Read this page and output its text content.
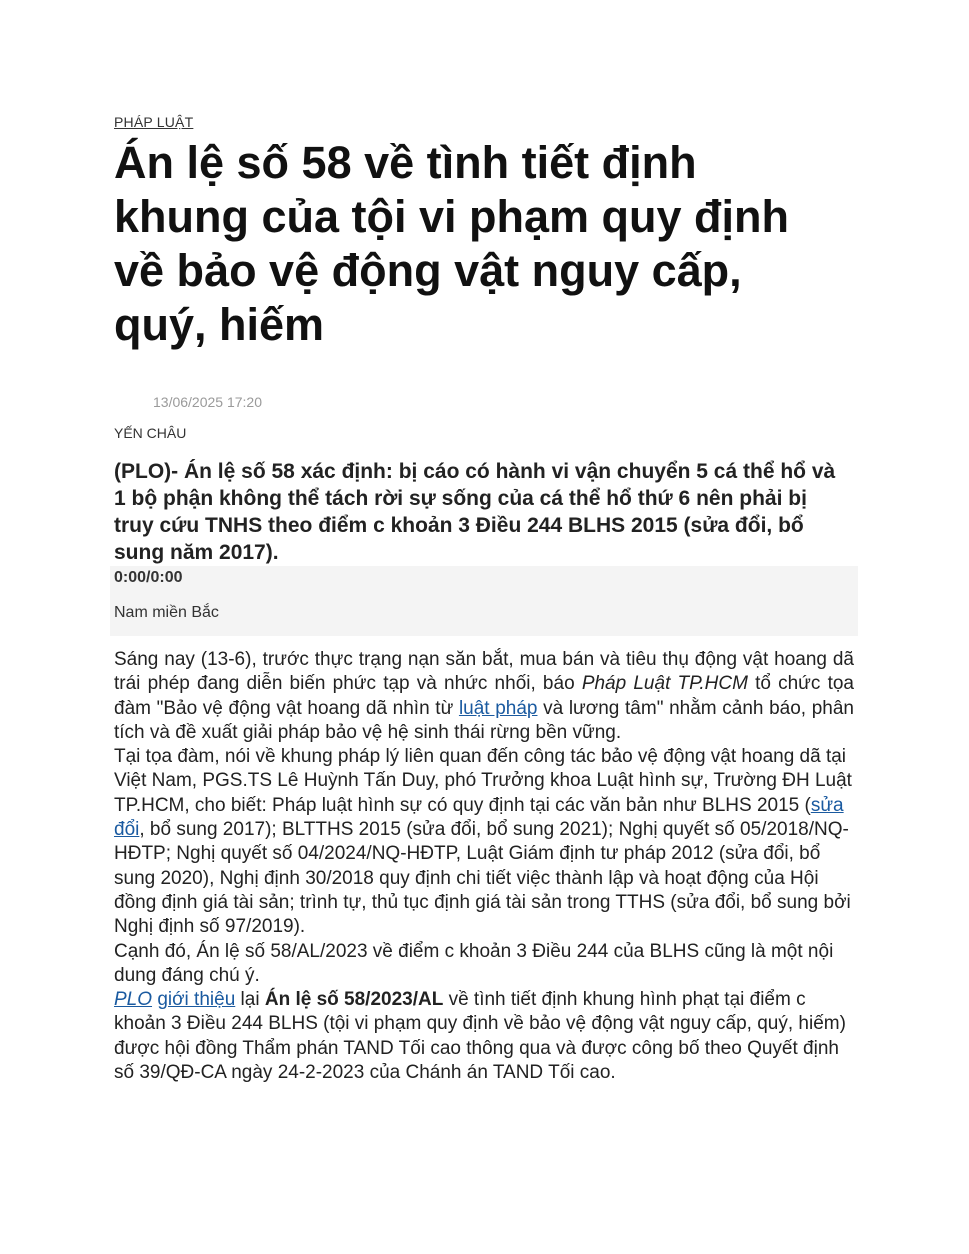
PHÁP LUẬT
Án lệ số 58 về tình tiết định khung của tội vi phạm quy định về bảo vệ động vật nguy cấp, quý, hiếm
13/06/2025 17:20
YẾN CHÂU

(PLO)- Án lệ số 58 xác định: bị cáo có hành vi vận chuyển 5 cá thể hổ và 1 bộ phận không thể tách rời sự sống của cá thể hổ thứ 6 nên phải bị truy cứu TNHS theo điểm c khoản 3 Điều 244 BLHS 2015 (sửa đổi, bổ sung năm 2017).

0:00/0:00
Nam miền Bắc

Sáng nay (13-6), trước thực trạng nạn săn bắt, mua bán và tiêu thụ động vật hoang dã trái phép đang diễn biến phức tạp và nhức nhối, báo Pháp Luật TP.HCM tổ chức tọa đàm "Bảo vệ động vật hoang dã nhìn từ luật pháp và lương tâm" nhằm cảnh báo, phân tích và đề xuất giải pháp bảo vệ hệ sinh thái rừng bền vững.

Tại tọa đàm, nói về khung pháp lý liên quan đến công tác bảo vệ động vật hoang dã tại Việt Nam, PGS.TS Lê Huỳnh Tấn Duy, phó Trưởng khoa Luật hình sự, Trường ĐH Luật TP.HCM, cho biết: Pháp luật hình sự có quy định tại các văn bản như BLHS 2015 (sửa đổi, bổ sung 2017); BLTTHS 2015 (sửa đổi, bổ sung 2021); Nghị quyết số 05/2018/NQ-HĐTP; Nghị quyết số 04/2024/NQ-HĐTP, Luật Giám định tư pháp 2012 (sửa đổi, bổ sung 2020), Nghị định 30/2018 quy định chi tiết việc thành lập và hoạt động của Hội đồng định giá tài sản; trình tự, thủ tục định giá tài sản trong TTHS (sửa đổi, bổ sung bởi Nghị định số 97/2019).

Cạnh đó, Án lệ số 58/AL/2023 về điểm c khoản 3 Điều 244 của BLHS cũng là một nội dung đáng chú ý.

PLO giới thiệu lại Án lệ số 58/2023/AL về tình tiết định khung hình phạt tại điểm c khoản 3 Điều 244 BLHS (tội vi phạm quy định về bảo vệ động vật nguy cấp, quý, hiếm) được hội đồng Thẩm phán TAND Tối cao thông qua và được công bố theo Quyết định số 39/QĐ-CA ngày 24-2-2023 của Chánh án TAND Tối cao.
